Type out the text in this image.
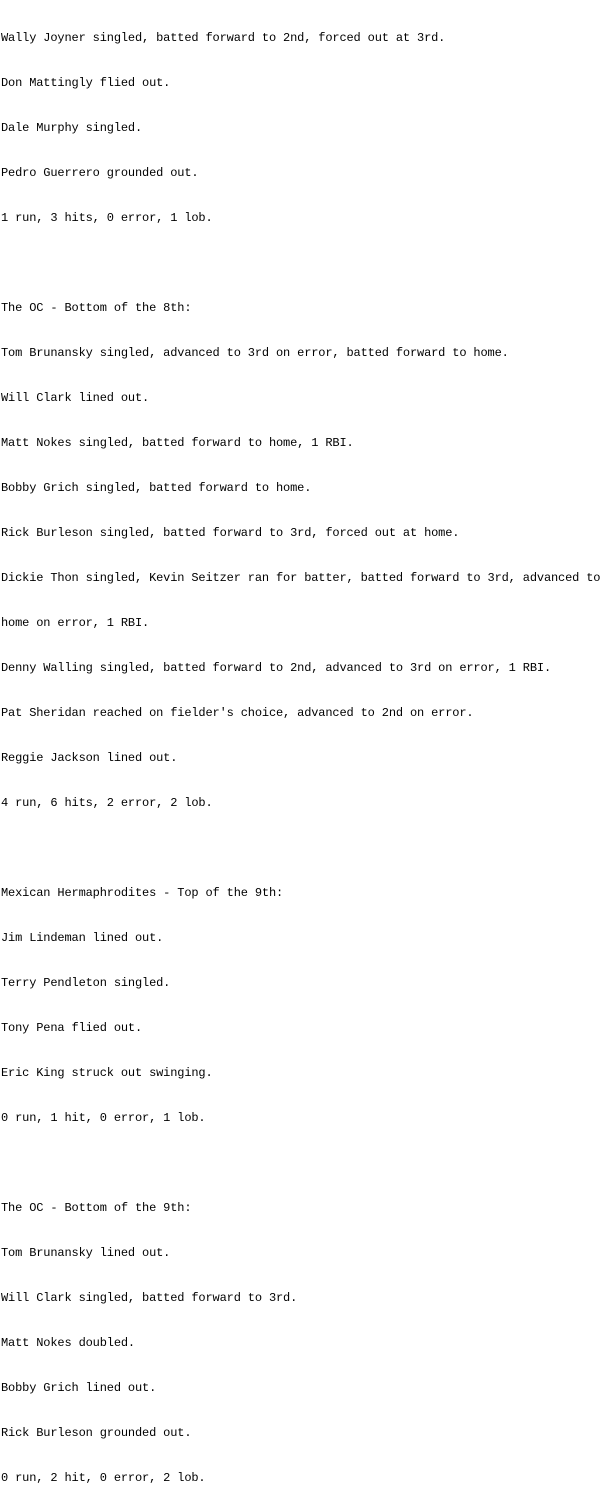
Wally Joyner singled, batted forward to 2nd, forced out at 3rd.

Don Mattingly flied out.

Dale Murphy singled.

Pedro Guerrero grounded out.

1 run, 3 hits, 0 error, 1 lob.

The OC - Bottom of the 8th:

Tom Brunansky singled, advanced to 3rd on error, batted forward to home.

Will Clark lined out.

Matt Nokes singled, batted forward to home, 1 RBI.

Bobby Grich singled, batted forward to home.

Rick Burleson singled, batted forward to 3rd, forced out at home.

Dickie Thon singled, Kevin Seitzer ran for batter, batted forward to 3rd, advanced to

home on error, 1 RBI.

Denny Walling singled, batted forward to 2nd, advanced to 3rd on error, 1 RBI.

Pat Sheridan reached on fielder's choice, advanced to 2nd on error.

Reggie Jackson lined out.

4 run, 6 hits, 2 error, 2 lob.

Mexican Hermaphrodites - Top of the 9th:

Jim Lindeman lined out.

Terry Pendleton singled.

Tony Pena flied out.

Eric King struck out swinging.

0 run, 1 hit, 0 error, 1 lob.

The OC - Bottom of the 9th:

Tom Brunansky lined out.

Will Clark singled, batted forward to 3rd.

Matt Nokes doubled.

Bobby Grich lined out.

Rick Burleson grounded out.

0 run, 2 hit, 0 error, 2 lob.
